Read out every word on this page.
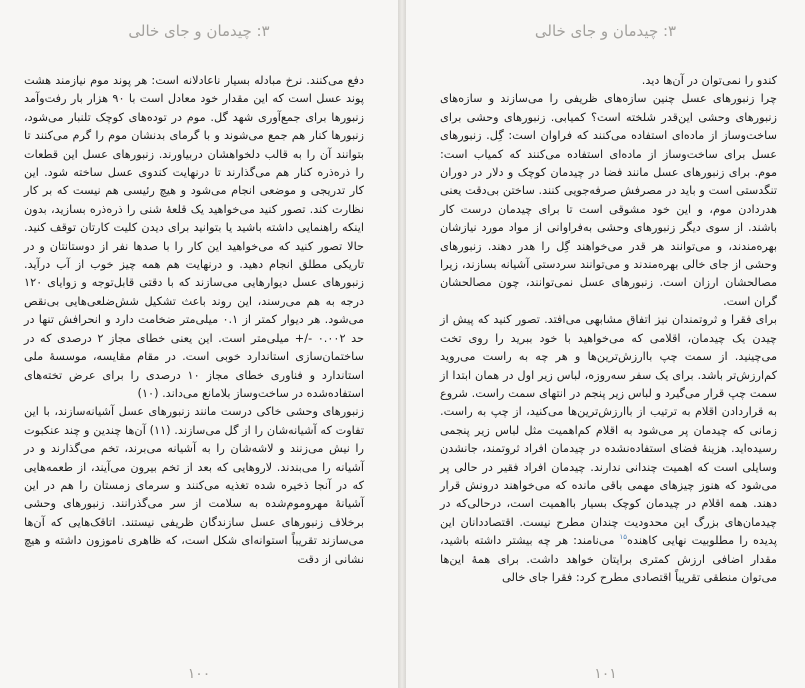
۳: چیدمان و جای خالی

دفع می‌کنند. نرخ مبادله بسیار ناعادلانه است: هر پوند موم نیازمند هشت پوند عسل است که این مقدار خود معادل است با ۹۰ هزار بار رفت‌وآمد زنبورها برای جمع‌آوری شهد گل. موم در توده‌های کوچک تلنبار می‌شود، زنبورها کنار هم جمع می‌شوند و با گرمای بدنشان موم را گرم می‌کنند تا بتوانند آن را به قالب دلخواهشان دربیاورند. زنبورهای عسل این قطعات را ذره‌ذره کنار هم می‌گذارند تا درنهایت کندوی عسل ساخته شود. این کار تدریجی و موضعی انجام می‌شود و هیچ رئیسی هم نیست که بر کار نظارت کند. تصور کنید می‌خواهید یک قلعهٔ شنی را ذره‌ذره بسازید، بدون اینکه راهنمایی داشته باشید یا بتوانید برای دیدن کلیت کارتان توقف کنید. حالا تصور کنید که می‌خواهید این کار را با صدها نفر از دوستانتان و در تاریکی مطلق انجام دهید. و درنهایت هم همه چیز خوب از آب درآید. زنبورهای عسل دیوارهایی می‌سازند که با دقتی قابل‌توجه و زوایای ۱۲۰ درجه به هم می‌رسند، این روند باعث تشکیل شش‌ضلعی‌هایی بی‌نقص می‌شود. هر دیوار کمتر از ۰.۱ میلی‌متر ضخامت دارد و انحرافش تنها در حد ۰.۰۰۲ -/+ میلی‌متر است. این یعنی خطای مجاز ۲ درصدی که در ساختمان‌سازی استاندارد خوبی است. در مقام مقایسه، موسسهٔ ملی استاندارد و فناوری خطای مجاز ۱۰ درصدی را برای عرض تخته‌های استفاده‌شده در ساخت‌وساز بلامانع می‌داند. (۱۰)

زنبورهای وحشی خاکی درست مانند زنبورهای عسل آشیانه‌سازند، با این تفاوت که آشیانه‌شان را از گل می‌سازند. (۱۱) آن‌ها چندین و چند عنکبوت را نیش می‌زنند و لاشه‌شان را به آشیانه می‌برند، تخم می‌گذارند و در آشیانه را می‌بندند. لاروهایی که بعد از تخم بیرون می‌آیند، از طعمه‌هایی که در آنجا ذخیره شده تغذیه می‌کنند و سرمای زمستان را هم در این آشیانهٔ مهروموم‌شده به سلامت از سر می‌گذرانند. زنبورهای وحشی برخلاف زنبورهای عسل سازندگان ظریفی نیستند. اتاقک‌هایی که آن‌ها می‌سازند تقریباً استوانه‌ای شکل است، که ظاهری ناموزون داشته و هیچ نشانی از دقت

۱۰۰
۳: چیدمان و جای خالی

کندو را نمی‌توان در آن‌ها دید.

چرا زنبورهای عسل چنین سازه‌های ظریفی را می‌سازند و سازه‌های زنبورهای وحشی این‌قدر شلخته است؟ کمیابی. زنبورهای وحشی برای ساخت‌وساز از ماده‌ای استفاده می‌کنند که فراوان است: گِل. زنبورهای عسل برای ساخت‌وساز از ماده‌ای استفاده می‌کنند که کمیاب است: موم. برای زنبورهای عسل مانند فضا در چیدمان کوچک و دلار در دوران تنگدستی است و باید در مصرفش صرفه‌جویی کنند. ساختن بی‌دقت یعنی هدردادن موم، و این خود مشوقی است تا برای چیدمان درست کار باشند. از سوی دیگر زنبورهای وحشی به‌فراوانی از مواد مورد نیازشان بهره‌مندند، و می‌توانند هر قدر می‌خواهند گِل را هدر دهند. زنبورهای وحشی از جای خالی بهره‌مندند و می‌توانند سردستی آشیانه بسازند، زیرا مصالحشان ارزان است. زنبورهای عسل نمی‌توانند، چون مصالحشان گران است.

برای فقرا و ثروتمندان نیز اتفاق مشابهی می‌افتد. تصور کنید که پیش از چیدن یک چیدمان، اقلامی که می‌خواهید با خود ببرید را روی تخت می‌چینید. از سمت چپ باارزش‌ترین‌ها و هر چه به راست می‌روید کم‌ارزش‌تر باشد. برای یک سفر سه‌روزه، لباس زیر اول در همان ابتدا از سمت چپ قرار می‌گیرد و لباس زیر پنجم در انتهای سمت راست. شروع به قراردادن اقلام به ترتیب از باارزش‌ترین‌ها می‌کنید، از چپ به راست. زمانی که چیدمان پر می‌شود به اقلام کم‌اهمیت مثل لباس زیر پنجمی رسیده‌اید. هزینهٔ فضای استفاده‌نشده در چیدمان افراد ثروتمند، جانشدن وسایلی است که اهمیت چندانی ندارند. چیدمان افراد فقیر در حالی پر می‌شود که هنوز چیزهای مهمی باقی مانده که می‌خواهند درونش قرار دهند. همه اقلام در چیدمان کوچک بسیار بااهمیت است، درحالی‌که در چیدمان‌های بزرگ این محدودیت چندان مطرح نیست. اقتصاددانان این پدیده را مطلوبیت نهایی کاهنده$^{۱۵}$ می‌نامند: هر چه بیشتر داشته باشید، مقدار اضافی ارزش کمتری برایتان خواهد داشت. برای همهٔ این‌ها می‌توان منطقی تقریباً اقتصادی مطرح کرد: فقرا جای خالی

۱۰۱
